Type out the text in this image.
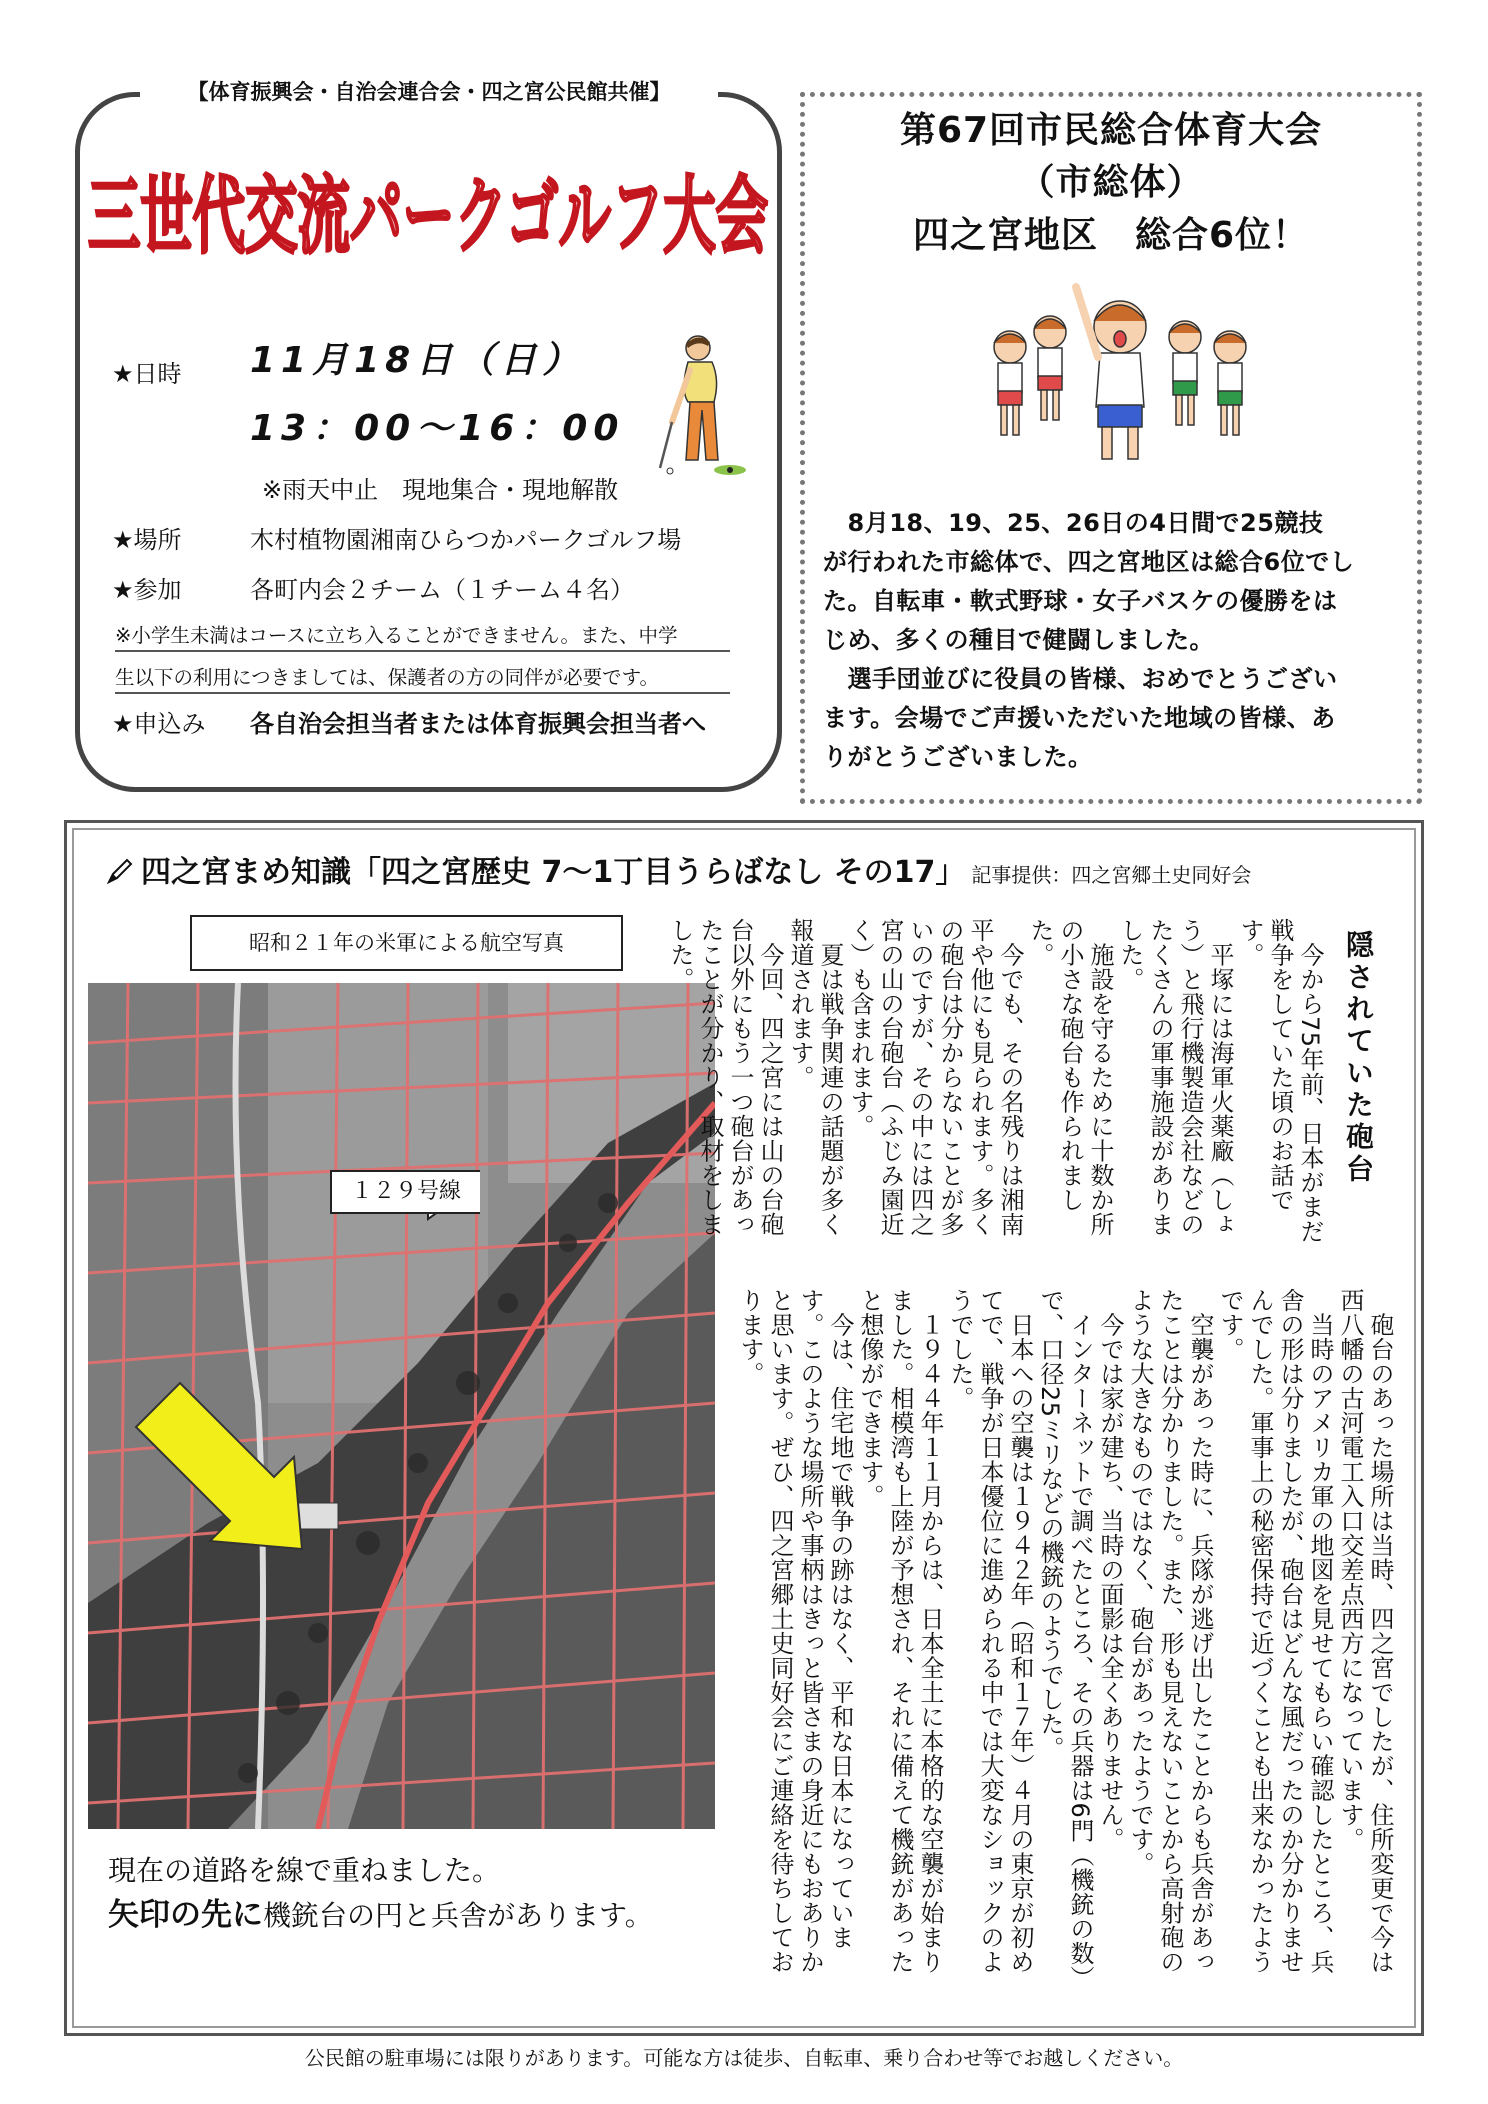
【体育振興会・自治会連合会・四之宮公民館共催】
三世代交流パークゴルフ大会
★日時 11月18日（日）
13：00～16：00
※雨天中止　現地集合・現地解散
★場所	木村植物園湘南ひらつかパークゴルフ場
★参加	各町内会２チーム（１チーム４名）
※小学生未満はコースに立ち入ることができません。また、中学
生以下の利用につきましては、保護者の方の同伴が必要です。
★申込み 各自治会担当者または体育振興会担当者へ
第67回市民総合体育大会
（市総体）
四之宮地区　総合6位！
　8月18、19、25、26日の4日間で25競技
が行われた市総体で、四之宮地区は総合6位でし
た。自転車・軟式野球・女子バスケの優勝をは
じめ、多くの種目で健闘しました。
　選手団並びに役員の皆様、おめでとうござい
ます。会場でご声援いただいた地域の皆様、あ
りがとうございました。
四之宮まめ知識「四之宮歴史 7～1丁目うらばなし その17」 記事提供：四之宮郷土史同好会
昭和２１年の米軍による航空写真
１２９号線
現在の道路を線で重ねました。
矢印の先に機銃台の円と兵舎があります。
隠されていた砲台
　今から75年前、日本がまだ戦争をしていた頃のお話です。
　平塚には海軍火薬廠（しょう）と飛行機製造会社などのたくさんの軍事施設がありました。
　施設を守るために十数か所の小さな砲台も作られました。
　今でも、その名残りは湘南平や他にも見られます。多くの砲台は分からないことが多いのですが、その中には四之宮の山の台砲台（ふじみ園近く）も含まれます。
　夏は戦争関連の話題が多く報道されます。
　今回、四之宮には山の台砲台以外にもう一つ砲台があったことが分かり、取材をしました。
　砲台のあった場所は当時、四之宮でしたが、住所変更で今は西八幡の古河電工入口交差点西方になっています。
　当時のアメリカ軍の地図を見せてもらい確認したところ、兵舎の形は分りましたが、砲台はどんな風だったのか分かりませんでした。軍事上の秘密保持で近づくことも出来なかったようです。
　空襲があった時に、兵隊が逃げ出したことからも兵舎があったことは分かりました。また、形も見えないことから高射砲のような大きなものではなく、砲台があったようです。
　今では家が建ち、当時の面影は全くありません。
　インターネットで調べたところ、その兵器は6門（機銃の数）で、口径25ミリなどの機銃のようでした。
　日本への空襲は１９４２年（昭和１７年）４月の東京が初めてで、戦争が日本優位に進められる中では大変なショックのようでした。
　１９４４年１１月からは、日本全土に本格的な空襲が始まりました。相模湾も上陸が予想され、それに備えて機銃があったと想像ができます。
　今は、住宅地で戦争の跡はなく、平和な日本になっています。このような場所や事柄はきっと皆さまの身近にもおありかと思います。ぜひ、四之宮郷土史同好会にご連絡を待ちしております。
公民館の駐車場には限りがあります。可能な方は徒歩、自転車、乗り合わせ等でお越しください。
